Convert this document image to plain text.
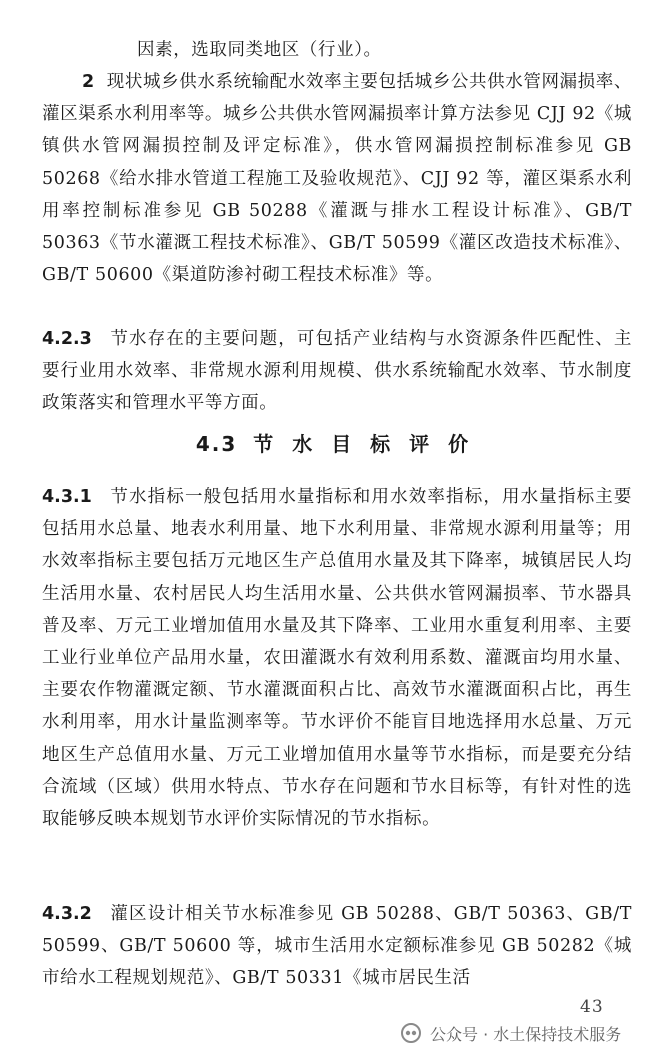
因素，选取同类地区（行业）。
2 现状城乡供水系统输配水效率主要包括城乡公共供水管网漏损率、灌区渠系水利用率等。城乡公共供水管网漏损率计算方法参见 CJJ 92《城镇供水管网漏损控制及评定标准》，供水管网漏损控制标准参见 GB 50268《给水排水管道工程施工及验收规范》、CJJ 92 等，灌区渠系水利用率控制标准参见 GB 50288《灌溉与排水工程设计标准》、GB/T 50363《节水灌溉工程技术标准》、GB/T 50599《灌区改造技术标准》、GB/T 50600《渠道防渗衬砌工程技术标准》等。
4.2.3 节水存在的主要问题，可包括产业结构与水资源条件匹配性、主要行业用水效率、非常规水源利用规模、供水系统输配水效率、节水制度政策落实和管理水平等方面。
4.3 节 水 目 标 评 价
4.3.1 节水指标一般包括用水量指标和用水效率指标，用水量指标主要包括用水总量、地表水利用量、地下水利用量、非常规水源利用量等；用水效率指标主要包括万元地区生产总值用水量及其下降率，城镇居民人均生活用水量、农村居民人均生活用水量、公共供水管网漏损率、节水器具普及率、万元工业增加值用水量及其下降率、工业用水重复利用率、主要工业行业单位产品用水量，农田灌溉水有效利用系数、灌溉亩均用水量、主要农作物灌溉定额、节水灌溉面积占比、高效节水灌溉面积占比，再生水利用率，用水计量监测率等。节水评价不能盲目地选择用水总量、万元地区生产总值用水量、万元工业增加值用水量等节水指标，而是要充分结合流域（区域）供用水特点、节水存在问题和节水目标等，有针对性的选取能够反映本规划节水评价实际情况的节水指标。
4.3.2 灌区设计相关节水标准参见 GB 50288、GB/T 50363、GB/T 50599、GB/T 50600 等，城市生活用水定额标准参见 GB 50282《城市给水工程规划规范》、GB/T 50331《城市居民生活
43
公众号 · 水土保持技术服务
